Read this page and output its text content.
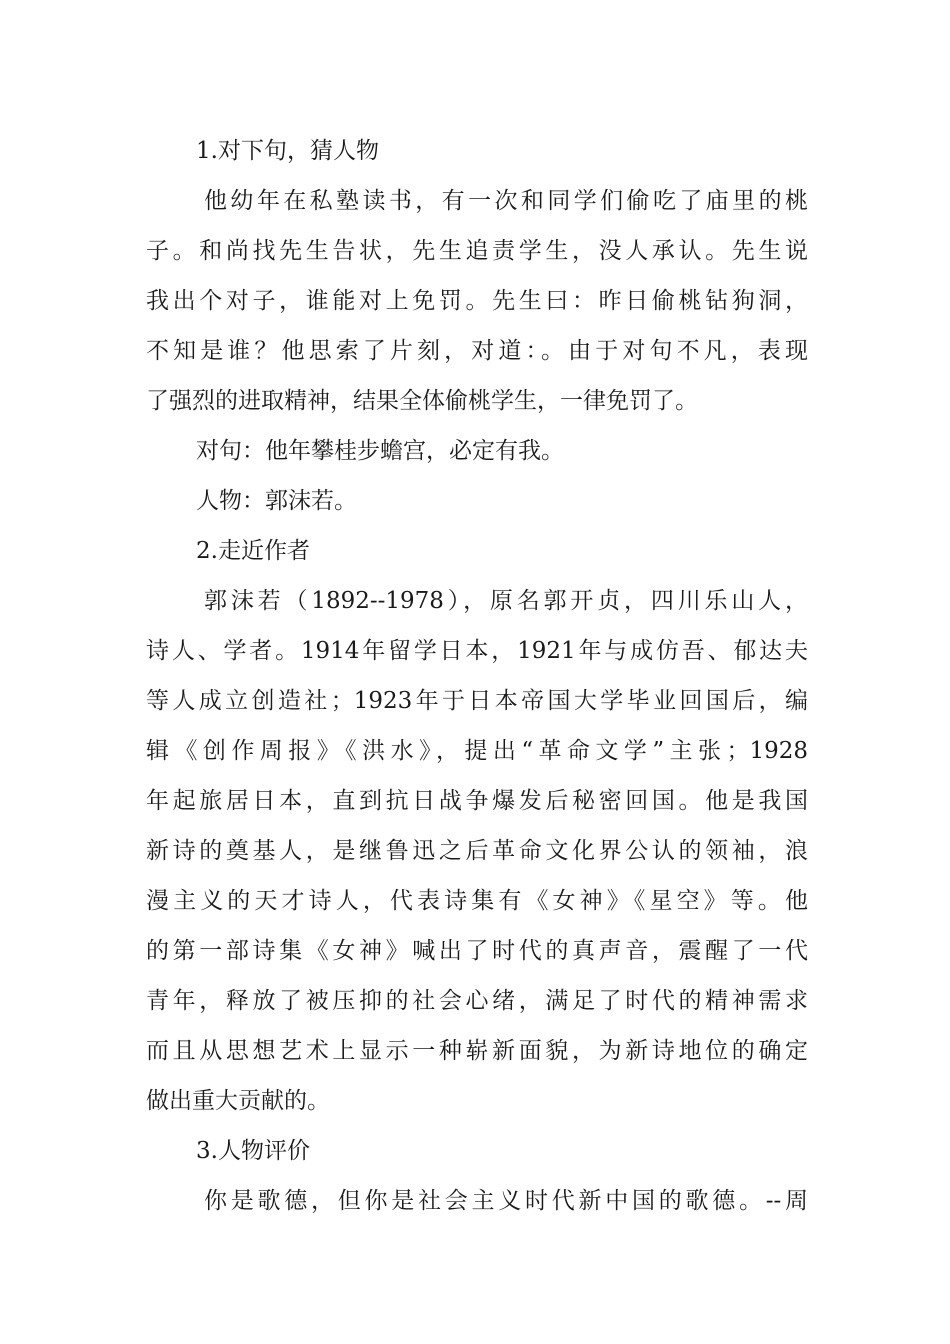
1.对下句，猜人物
他幼年在私塾读书，有一次和同学们偷吃了庙里的桃
子。和尚找先生告状，先生追责学生，没人承认。先生说
我出个对子，谁能对上免罚。先生曰：昨日偷桃钻狗洞，
不知是谁？他思索了片刻，对道：。由于对句不凡，表现
了强烈的进取精神，结果全体偷桃学生，一律免罚了。
对句：他年攀桂步蟾宫，必定有我。
人物：郭沫若。
2.走近作者
郭沫若（1892--1978），原名郭开贞，四川乐山人，
诗人、学者。1914年留学日本，1921年与成仿吾、郁达夫
等人成立创造社；1923年于日本帝国大学毕业回国后，编
辑《创作周报》《洪水》，提出“革命文学”主张；1928
年起旅居日本，直到抗日战争爆发后秘密回国。他是我国
新诗的奠基人，是继鲁迅之后革命文化界公认的领袖，浪
漫主义的天才诗人，代表诗集有《女神》《星空》等。他
的第一部诗集《女神》喊出了时代的真声音，震醒了一代
青年，释放了被压抑的社会心绪，满足了时代的精神需求
而且从思想艺术上显示一种崭新面貌，为新诗地位的确定
做出重大贡献的。
3.人物评价
你是歌德，但你是社会主义时代新中国的歌德。--周
